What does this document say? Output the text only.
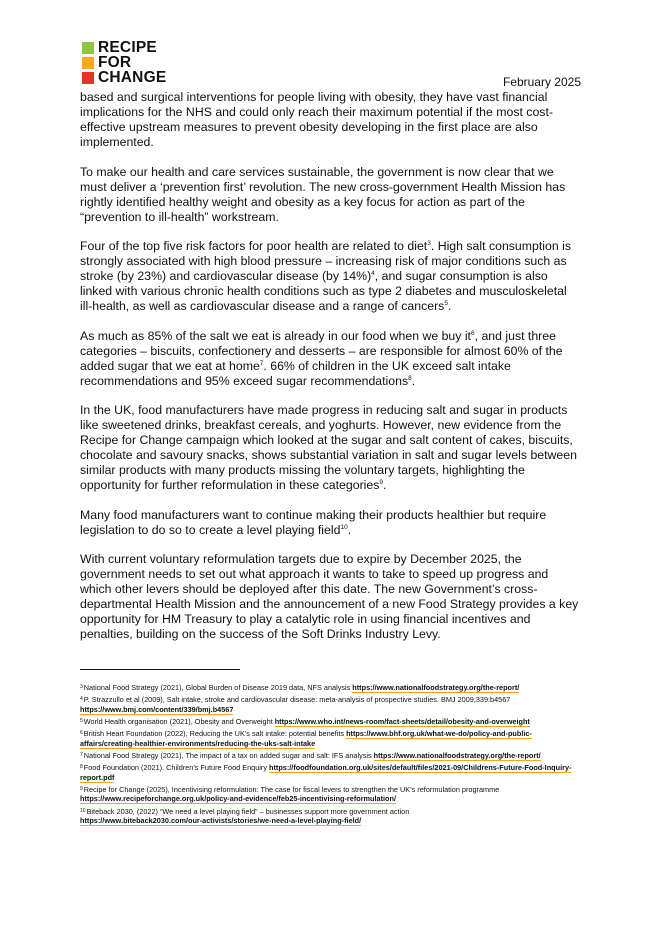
RECIPE
FOR
CHANGE	February 2025

based and surgical interventions for people living with obesity, they have vast financial implications for the NHS and could only reach their maximum potential if the most cost-effective upstream measures to prevent obesity developing in the first place are also implemented.

To make our health and care services sustainable, the government is now clear that we must deliver a ‘prevention first’ revolution. The new cross-government Health Mission has rightly identified healthy weight and obesity as a key focus for action as part of the “prevention to ill-health” workstream.

Four of the top five risk factors for poor health are related to diet$^3$. High salt consumption is strongly associated with high blood pressure – increasing risk of major conditions such as stroke (by 23%) and cardiovascular disease (by 14%)$^4$, and sugar consumption is also linked with various chronic health conditions such as type 2 diabetes and musculoskeletal ill-health, as well as cardiovascular disease and a range of cancers$^5$.

As much as 85% of the salt we eat is already in our food when we buy $it^6$, and just three categories – biscuits, confectionery and desserts – are responsible for almost 60% of the added sugar that we eat at home$^7$. 66% of children in the UK exceed salt intake recommendations and 95% exceed sugar recommendations$^8$.

In the UK, food manufacturers have made progress in reducing salt and sugar in products like sweetened drinks, breakfast cereals, and yoghurts. However, new evidence from the Recipe for Change campaign which looked at the sugar and salt content of cakes, biscuits, chocolate and savoury snacks, shows substantial variation in salt and sugar levels between similar products with many products missing the voluntary targets, highlighting the opportunity for further reformulation in these categories$^9$.

Many food manufacturers want to continue making their products healthier but require legislation to do so to create a level playing field$^{10}$.

With current voluntary reformulation targets due to expire by December 2025, the government needs to set out what approach it wants to take to speed up progress and which other levers should be deployed after this date. The new Government’s cross-departmental Health Mission and the announcement of a new Food Strategy provides a key opportunity for HM Treasury to play a catalytic role in using financial incentives and penalties, building on the success of the Soft Drinks Industry Levy.

$^3$National Food Strategy (2021), Global Burden of Disease 2019 data, NFS analysis https://www.nationalfoodstrategy.org/the-report/
$^4$P. Strazzullo et al (2009), Salt intake, stroke and cardiovascular disease: meta-analysis of prospective studies. BMJ 2009;339:b4567 https://www.bmj.com/content/339/bmj.b4567
$^5$World Health organisation (2021), Obesity and Overweight https://www.who.int/news-room/fact-sheets/detail/obesity-and-overweight
$^6$British Heart Foundation (2022), Reducing the UK’s salt intake: potential benefits https://www.bhf.org.uk/what-we-do/policy-and-public-affairs/creating-healthier-environments/reducing-the-uks-salt-intake
$^7$National Food Strategy (2021), The impact of a tax on added sugar and salt: IFS analysis https://www.nationalfoodstrategy.org/the-report/
$^8$Food Foundation (2021). Children’s Future Food Enquiry https://foodfoundation.org.uk/sites/default/files/2021-09/Childrens-Future-Food-Inquiry-report.pdf
$^9$Recipe for Change (2025), Incentivising reformulation: The case for fiscal levers to strengthen the UK’s reformulation programme
https://www.recipeforchange.org.uk/policy-and-evidence/feb25-incentivising-reformulation/
$^{10}$Biteback 2030, (2022) “We need a level playing field” – businesses support more government action
https://www.biteback2030.com/our-activists/stories/we-need-a-level-playing-field/
